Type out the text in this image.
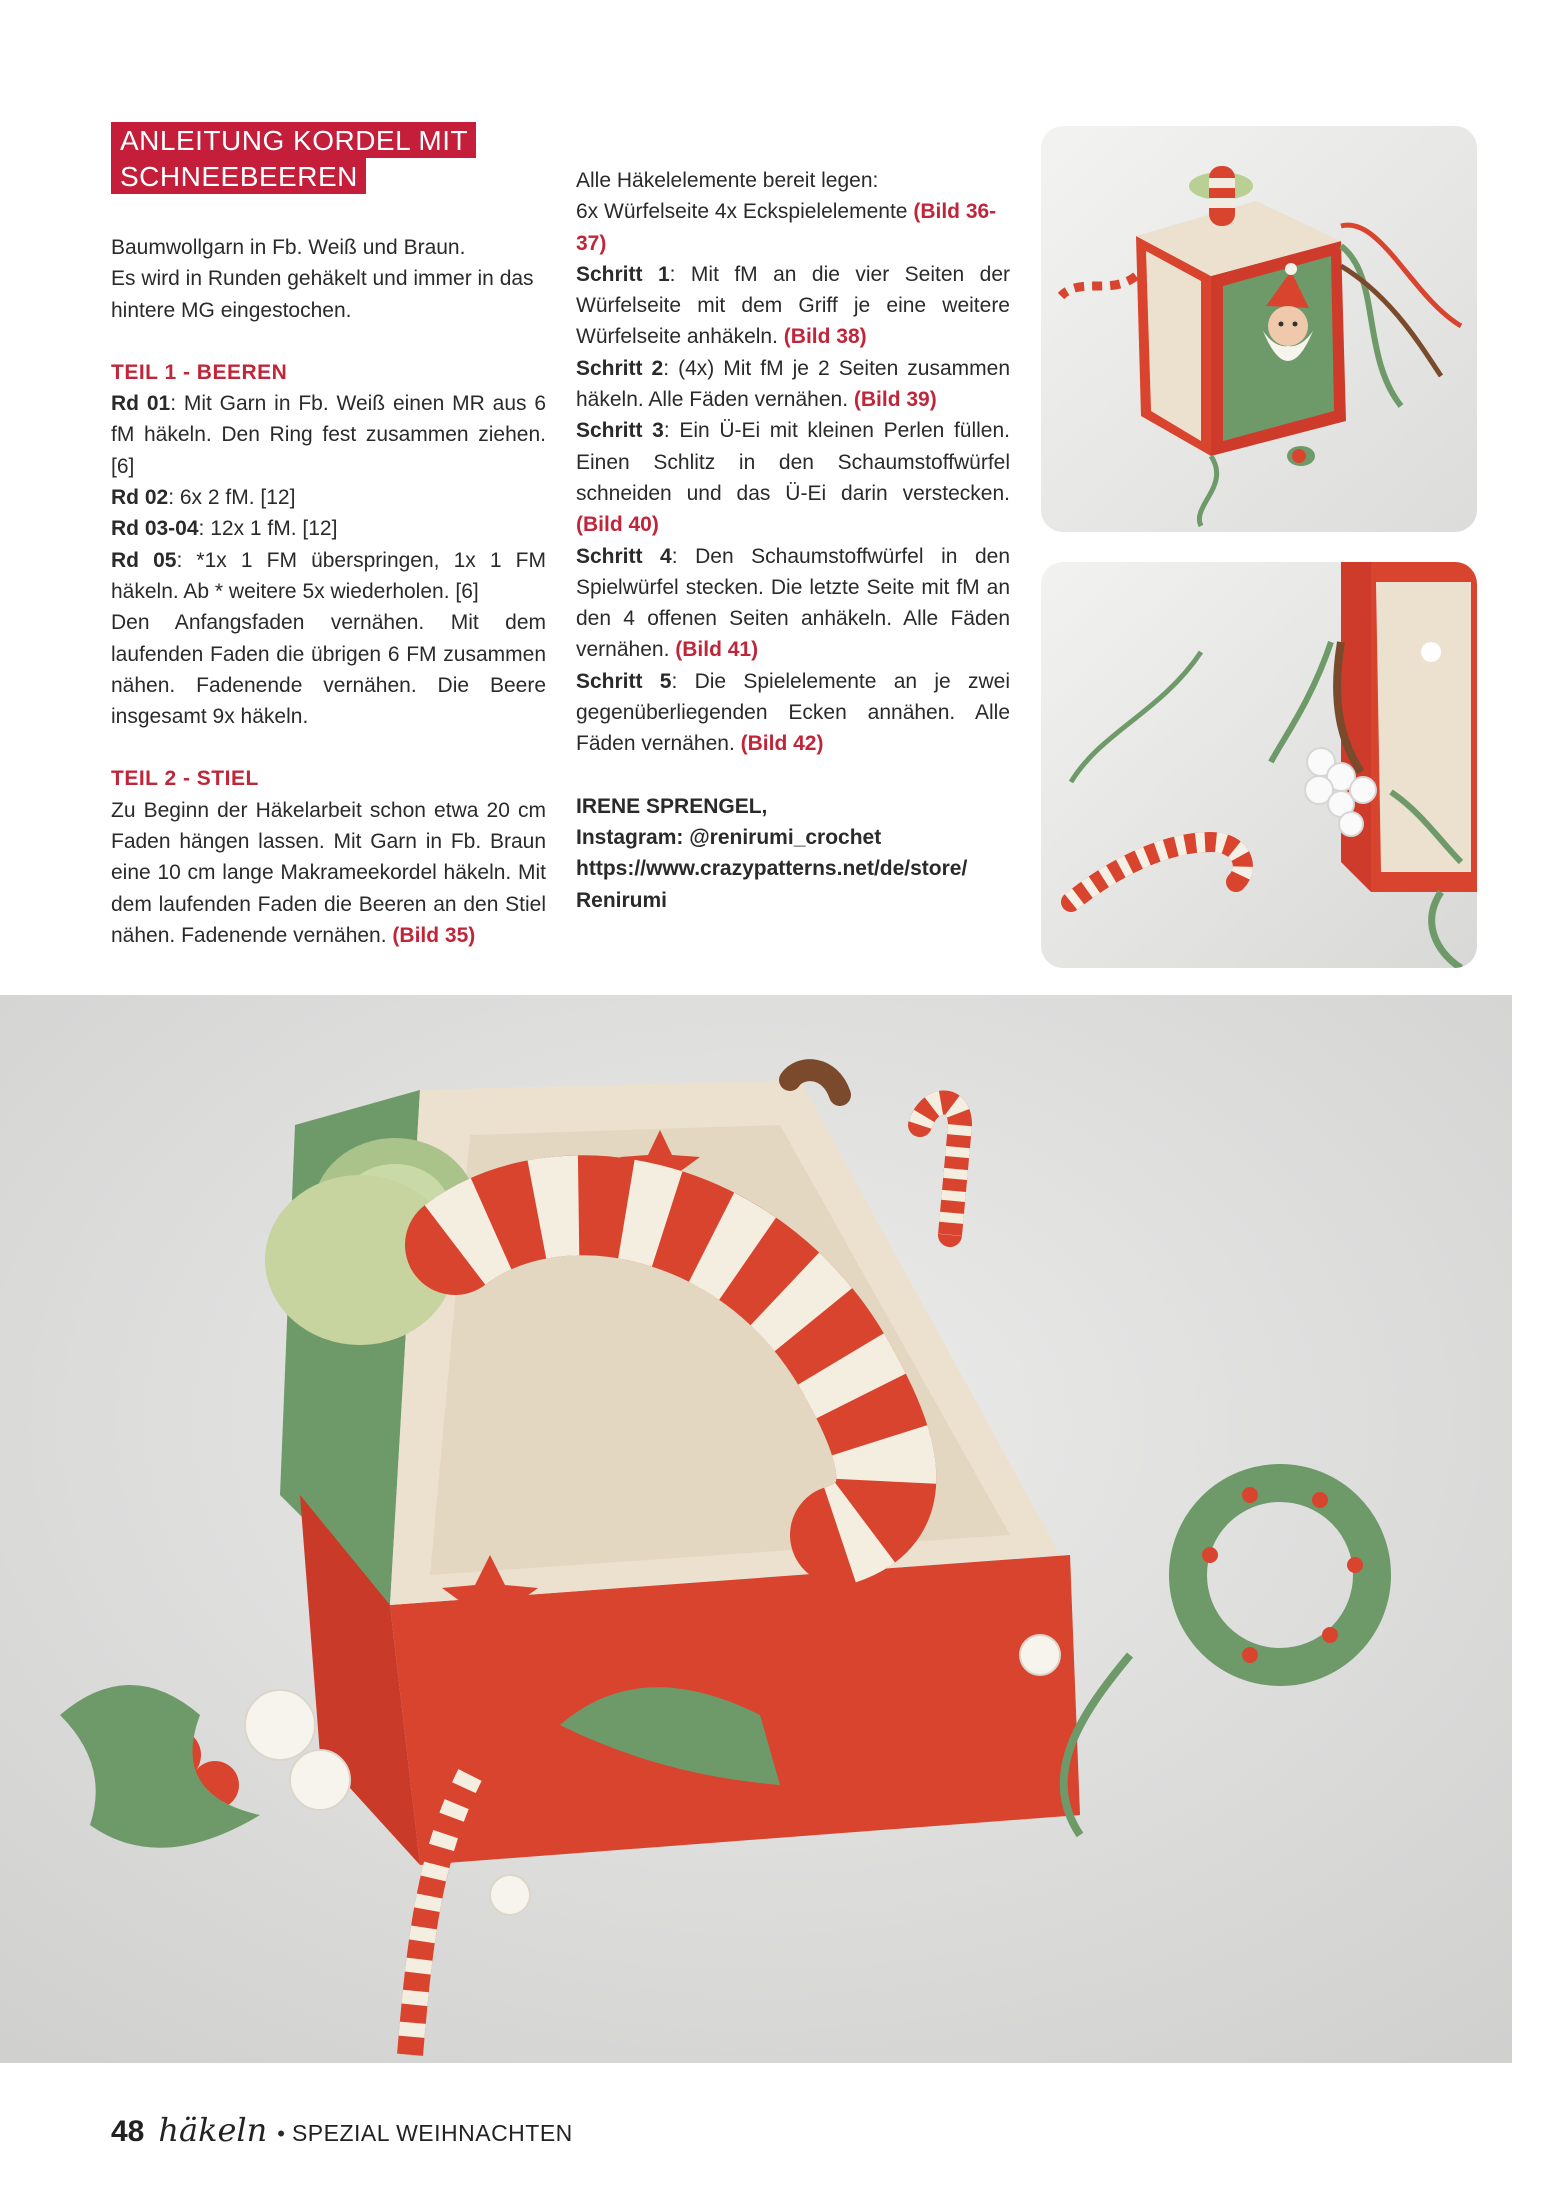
ANLEITUNG KORDEL MIT
SCHNEEBEEREN

Baumwollgarn in Fb. Weiß und Braun.

Es wird in Runden gehäkelt und immer in das hintere MG eingestochen.

TEIL 1 - BEEREN

Rd 01: Mit Garn in Fb. Weiß einen MR aus 6 fM häkeln. Den Ring fest zusammen ziehen. [6]

Rd 02: 6x 2 fM. [12]

Rd 03-04: 12x 1 fM. [12]

Rd 05: *1x 1 FM überspringen, 1x 1 FM häkeln. Ab * weitere 5x wiederholen. [6]

Den Anfangsfaden vernähen. Mit dem laufenden Faden die übrigen 6 FM zusammen nähen. Fadenende vernähen. Die Beere insgesamt 9x häkeln.

TEIL 2 - STIEL

Zu Beginn der Häkelarbeit schon etwa 20 cm Faden hängen lassen. Mit Garn in Fb. Braun eine 10 cm lange Makrameekordel häkeln. Mit dem laufenden Faden die Beeren an den Stiel nähen. Fadenende vernähen. (Bild 35)

Alle Häkelelemente bereit legen:

6x Würfelseite 4x Eckspielelemente (Bild 36-37)

Schritt 1: Mit fM an die vier Seiten der Würfelseite mit dem Griff je eine weitere Würfelseite anhäkeln. (Bild 38)

Schritt 2: (4x) Mit fM je 2 Seiten zusammen häkeln. Alle Fäden vernähen. (Bild 39)

Schritt 3: Ein Ü-Ei mit kleinen Perlen füllen. Einen Schlitz in den Schaumstoffwürfel schneiden und das Ü-Ei darin verstecken. (Bild 40)

Schritt 4: Den Schaumstoffwürfel in den Spielwürfel stecken. Die letzte Seite mit fM an den 4 offenen Seiten anhäkeln. Alle Fäden vernähen. (Bild 41)

Schritt 5: Die Spielelemente an je zwei gegenüberliegenden Ecken annähen. Alle Fäden vernähen. (Bild 42)

IRENE SPRENGEL,

Instagram: @renirumi_crochet

https://www.crazypatterns.net/de/store/

Renirumi

48 häkeln • SPEZIAL WEIHNACHTEN
